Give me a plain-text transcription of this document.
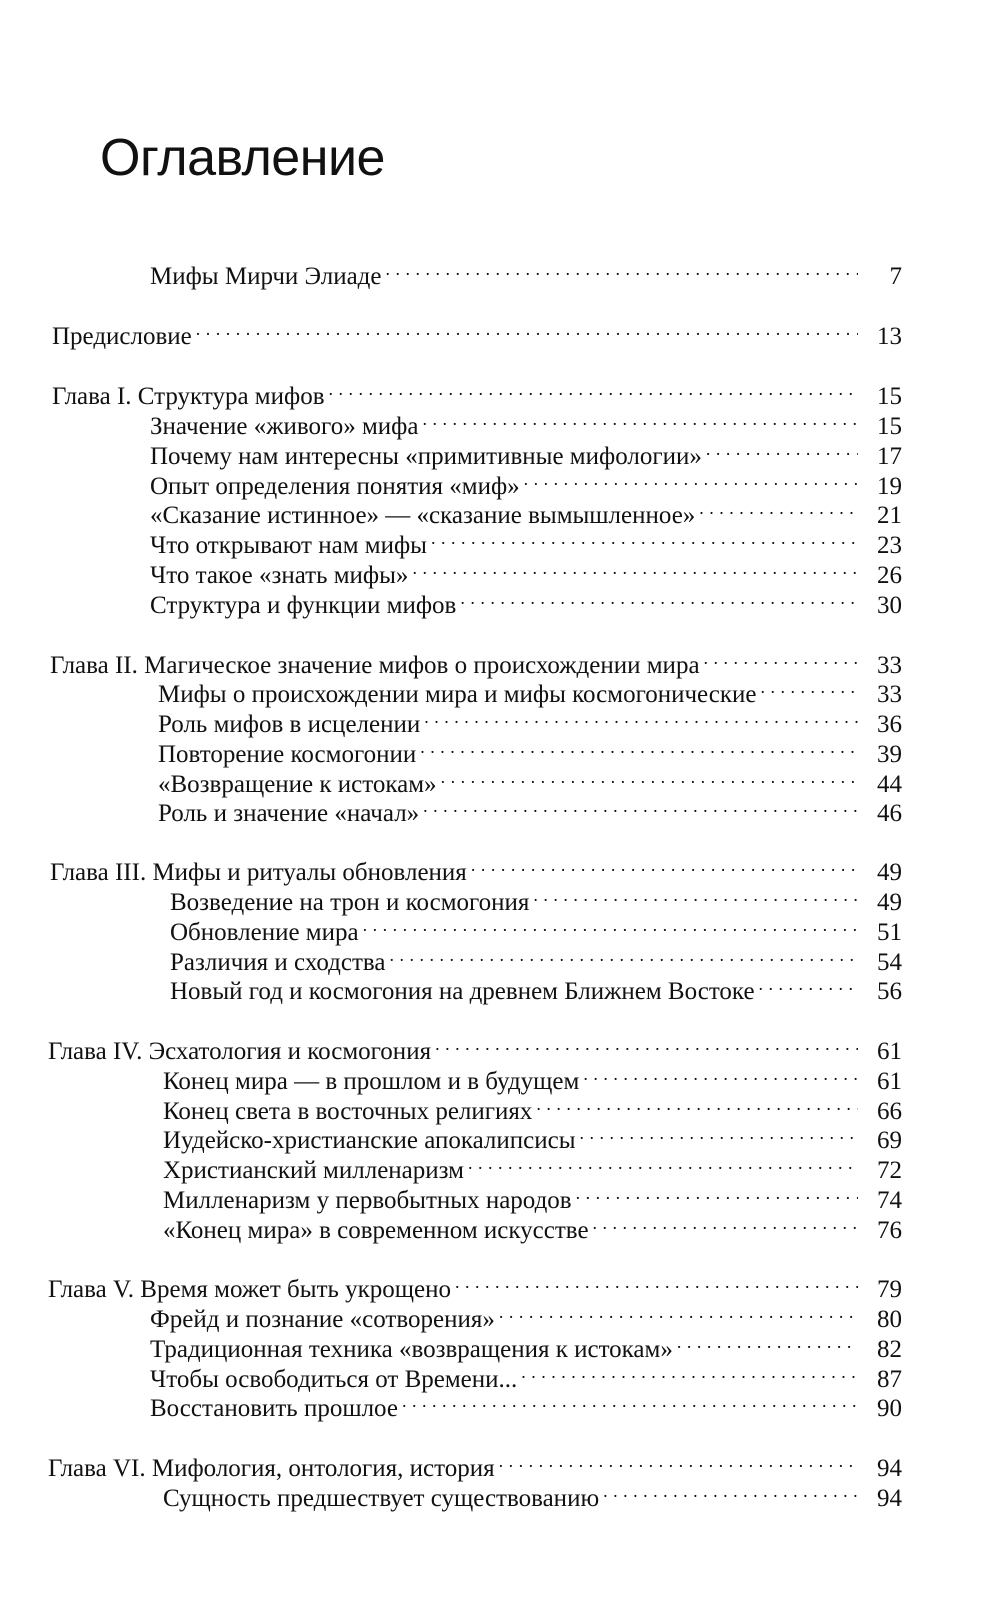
Оглавление
Мифы Мирчи Элиаде . . .	7
Предисловие . . .	13
Глава I. Структура мифов . . .	15
Значение «живого» мифа . . .	15
Почему нам интересны «примитивные мифологии» . . .	17
Опыт определения понятия «миф» . . .	19
«Сказание истинное» — «сказание вымышленное» . . .	21
Что открывают нам мифы . . .	23
Что такое «знать мифы» . . .	26
Структура и функции мифов . . .	30
Глава II. Магическое значение мифов о происхождении мира . . .	33
Мифы о происхождении мира и мифы космогонические . . .	33
Роль мифов в исцелении . . .	36
Повторение космогонии . . .	39
«Возвращение к истокам» . . .	44
Роль и значение «начал» . . .	46
Глава III. Мифы и ритуалы обновления . . .	49
Возведение на трон и космогония . . .	49
Обновление мира . . .	51
Различия и сходства . . .	54
Новый год и космогония на древнем Ближнем Востоке . . .	56
Глава IV. Эсхатология и космогония . . .	61
Конец мира — в прошлом и в будущем . . .	61
Конец света в восточных религиях . . .	66
Иудейско-христианские апокалипсисы . . .	69
Христианский милленаризм . . .	72
Милленаризм у первобытных народов . . .	74
«Конец мира» в современном искусстве . . .	76
Глава V. Время может быть укрощено . . .	79
Фрейд и познание «сотворения» . . .	80
Традиционная техника «возвращения к истокам» . . .	82
Чтобы освободиться от Времени... . . .	87
Восстановить прошлое . . .	90
Глава VI. Мифология, онтология, история . . .	94
Сущность предшествует существованию . . .	94
